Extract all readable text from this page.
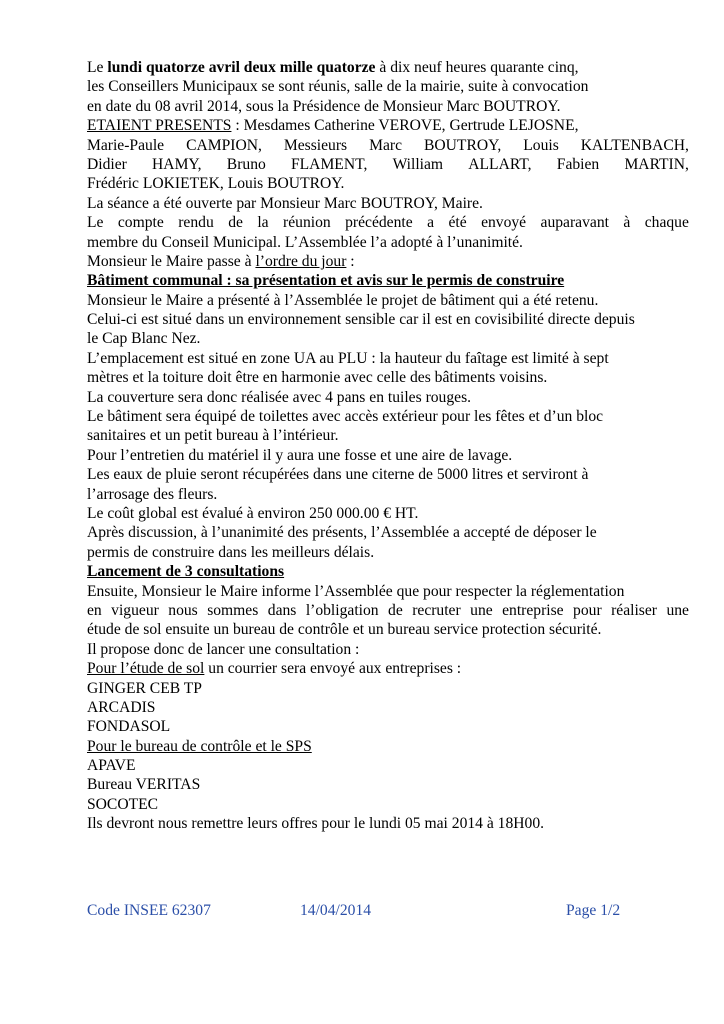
Le lundi quatorze avril deux mille quatorze à dix neuf heures quarante cinq,
les Conseillers Municipaux se sont réunis, salle de la mairie, suite à convocation
en date du 08 avril 2014, sous la Présidence de Monsieur Marc BOUTROY.
ETAIENT PRESENTS : Mesdames Catherine VEROVE, Gertrude LEJOSNE,
Marie-Paule CAMPION, Messieurs Marc BOUTROY, Louis KALTENBACH,
Didier HAMY, Bruno FLAMENT, William ALLART, Fabien MARTIN,
Frédéric LOKIETEK, Louis BOUTROY.
La séance a été ouverte par Monsieur Marc BOUTROY, Maire.
Le compte rendu de la réunion précédente a été envoyé auparavant à chaque
membre du Conseil Municipal. L’Assemblée l’a adopté à l’unanimité.
Monsieur le Maire passe à l’ordre du jour :
Bâtiment communal : sa présentation et avis sur le permis de construire
Monsieur le Maire a présenté à l’Assemblée le projet de bâtiment qui a été retenu.
Celui-ci est situé dans un environnement sensible car il est en covisibilité directe depuis
le Cap Blanc Nez.
L’emplacement est situé en zone UA au PLU : la hauteur du faîtage est limité à sept
mètres et la toiture doit être en harmonie avec celle des bâtiments voisins.
La couverture sera donc réalisée avec 4 pans en tuiles rouges.
Le bâtiment sera équipé de toilettes avec accès extérieur pour les fêtes et d’un bloc
sanitaires et un petit bureau à l’intérieur.
Pour l’entretien du matériel il y aura une fosse et une aire de lavage.
Les eaux de pluie seront récupérées dans une citerne de 5000 litres et serviront à
l’arrosage des fleurs.
Le coût global est évalué à environ 250 000.00 € HT.
Après discussion, à l’unanimité des présents, l’Assemblée a accepté de déposer le
permis de construire dans les meilleurs délais.
Lancement de 3 consultations
Ensuite, Monsieur le Maire informe l’Assemblée que pour respecter la réglementation
en vigueur nous sommes dans l’obligation de recruter une entreprise pour réaliser une
étude de sol ensuite un bureau de contrôle et un bureau service protection sécurité.
Il propose donc de lancer une consultation :
Pour l’étude de sol un courrier sera envoyé aux entreprises :
GINGER CEB TP
ARCADIS
FONDASOL
Pour le bureau de contrôle et le SPS
APAVE
Bureau VERITAS
SOCOTEC
Ils devront nous remettre leurs offres pour le lundi 05 mai 2014 à 18H00.
Code INSEE 62307	14/04/2014	Page 1/2
